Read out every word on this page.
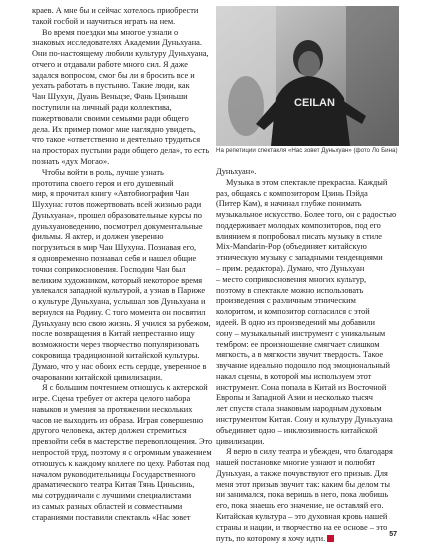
краев. А мне бы и сейчас хотелось приобрести
такой госбой и научиться играть на нем.

Во время поездки мы многое узнали о
знаковых исследователях Академии Дуньхуана.
Они по-настоящему любили культуру Дуньхуана,
отчего и отдавали работе много сил. Я даже
задался вопросом, смог бы ли я бросить все и
уехать работать в пустыню. Такие люди, как
Чан Шухун, Дуань Веньцзе, Фань Цзиньши
поступили на личный ради коллектива,
пожертвовали своими семьями ради общего
дела. Их пример помог мне наглядно увидеть,
что такое «ответственно и деятельно трудиться
на просторах пустыни ради общего дела», то есть
познать «дух Могао».

Чтобы войти в роль, лучше узнать
прототипа своего героя и его душевный
мир, я прочитал книгу «Автобиография Чан
Шухуна: готов пожертвовать всей жизнью ради
Дуньхуана», прошел образовательные курсы по
дуньхуановедению, посмотрел документальные
фильмы. Я актер, и должен уверенно
погрузиться в мир Чан Шухуна. Познавая его,
я одновременно познавал себя и нашел общие
точки соприкосновения. Господин Чан был
великим художником, который некоторое время
увлекался западной культурой, а узнав в Париже
о культуре Дуньхуана, услышал зов Дуньхуана и
вернулся на Родину. С того момента он посвятил
Дуньхуану всю свою жизнь. Я учился за рубежом,
после возвращения в Китай непрестанно ищу
возможности через творчество популяризовать
сокровища традиционной китайской культуры.
Думаю, что у нас обоих есть сердце, уверенное в
очаровании китайской цивилизации.

Я с большим почтением отношусь к актерской
игре. Сцена требует от актера целого набора
навыков и умения за протяжении нескольких
часов не выходить из образа. Играя совершенно
другого человека, актер должен стремиться
превзойти себя в мастерстве перевоплощения. Это
непростой труд, поэтому я с огромным уважением
отношусь к каждому коллеге по цеху. Работая под
началом руководительницы Государственного
драматического театра Китая Тянь Циньсинь,
мы сотрудничали с лучшими специалистами
из самых разных областей и совместными
стараниями поставили спектакль «Нас зовет

CEILAN
На репетиции спектакля «Нас зовет Дуньхуан» (фото Ло Бина)

Дуньхуан».

Музыка в этом спектакле прекрасна. Каждый
раз, общаясь с композитором Цзинь Пэйда
(Питер Кам), я начинал глубже понимать
музыкальное искусство. Более того, он с радостью
поддерживает молодых композиторов, под его
влиянием я попробовал писать музыку в стиле
Mix-Mandarin-Pop (объединяет китайскую
этническую музыку с западными тенденциями
– прим. редактора). Думаю, что Дуньхуан
– место соприкосновения многих культур,
поэтому в спектакле можно использовать
произведения с различным этническим
колоритом, и композитор согласился с этой
идеей. В одно из произведений мы добавили
сону – музыкальный инструмент с уникальным
тембром: ее произношение смягчает слишком
мягкость, а в мягкости звучит твердость. Такое
звучание идеально подошло под эмоциональный
накал сцены, в которой мы используем этот
инструмент. Сона попала в Китай из Восточной
Европы и Западной Азии и несколько тысяч
лет спустя стала знаковым народным духовым
инструментом Китая. Сону и культуру Дуньхуана
объединяет одно – инклюзивность китайской
цивилизации.

Я верю в силу театра и убежден, что благодаря
нашей постановке многие узнают и полюбят
Дуньхуан, а также почувствуют его призыв. Для
меня этот призыв звучит так: каким бы делом ты
ни занимался, пока веришь в него, пока любишь
его, пока знаешь его значение, не оставляй его.
Китайская культура – это духовная кровь нашей
страны и нации, и творчество на ее основе – это
путь, по которому я хочу идти.	57
